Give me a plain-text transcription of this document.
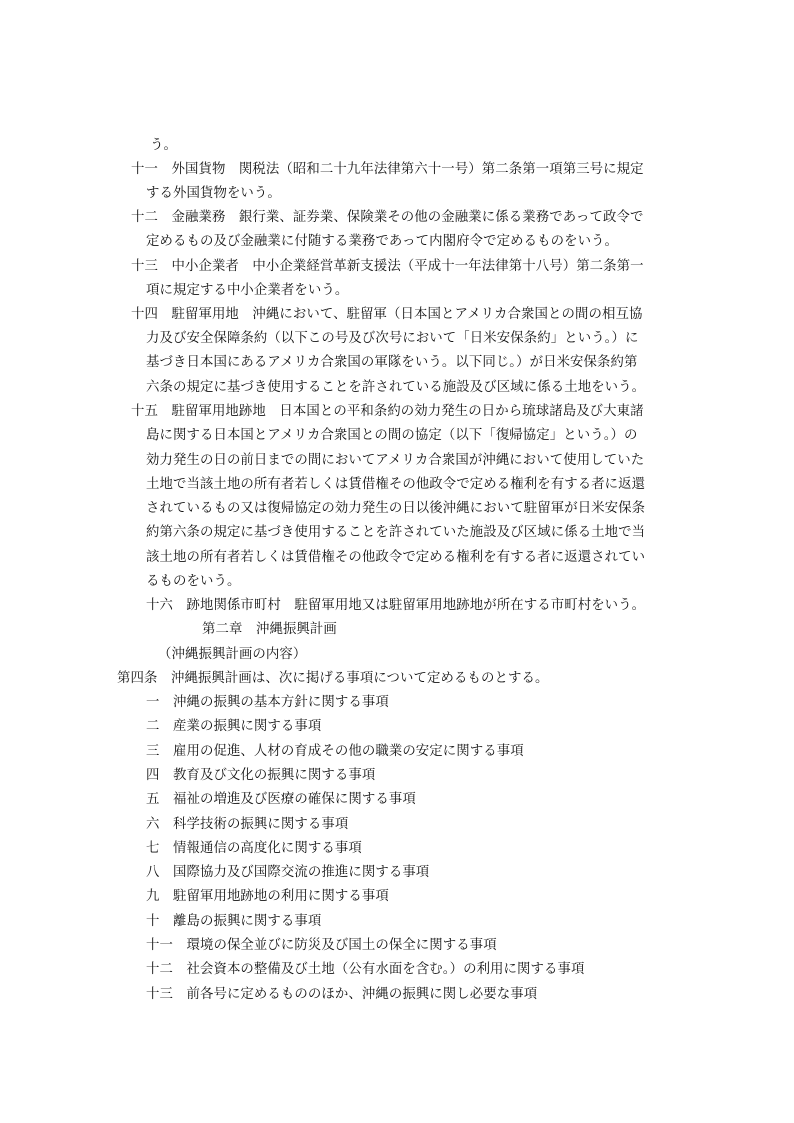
う。
十一　外国貨物　関税法（昭和二十九年法律第六十一号）第二条第一項第三号に規定
する外国貨物をいう。
十二　金融業務　銀行業、証券業、保険業その他の金融業に係る業務であって政令で
定めるもの及び金融業に付随する業務であって内閣府令で定めるものをいう。
十三　中小企業者　中小企業経営革新支援法（平成十一年法律第十八号）第二条第一
項に規定する中小企業者をいう。
十四　駐留軍用地　沖縄において、駐留軍（日本国とアメリカ合衆国との間の相互協
力及び安全保障条約（以下この号及び次号において「日米安保条約」という。）に
基づき日本国にあるアメリカ合衆国の軍隊をいう。以下同じ。）が日米安保条約第
六条の規定に基づき使用することを許されている施設及び区域に係る土地をいう。
十五　駐留軍用地跡地　日本国との平和条約の効力発生の日から琉球諸島及び大東諸
島に関する日本国とアメリカ合衆国との間の協定（以下「復帰協定」という。）の
効力発生の日の前日までの間においてアメリカ合衆国が沖縄において使用していた
土地で当該土地の所有者若しくは賃借権その他政令で定める権利を有する者に返還
されているもの又は復帰協定の効力発生の日以後沖縄において駐留軍が日米安保条
約第六条の規定に基づき使用することを許されていた施設及び区域に係る土地で当
該土地の所有者若しくは賃借権その他政令で定める権利を有する者に返還されてい
るものをいう。
十六　跡地関係市町村　駐留軍用地又は駐留軍用地跡地が所在する市町村をいう。
第二章　沖縄振興計画
（沖縄振興計画の内容）
第四条　沖縄振興計画は、次に掲げる事項について定めるものとする。
一　沖縄の振興の基本方針に関する事項
二　産業の振興に関する事項
三　雇用の促進、人材の育成その他の職業の安定に関する事項
四　教育及び文化の振興に関する事項
五　福祉の増進及び医療の確保に関する事項
六　科学技術の振興に関する事項
七　情報通信の高度化に関する事項
八　国際協力及び国際交流の推進に関する事項
九　駐留軍用地跡地の利用に関する事項
十　離島の振興に関する事項
十一　環境の保全並びに防災及び国土の保全に関する事項
十二　社会資本の整備及び土地（公有水面を含む。）の利用に関する事項
十三　前各号に定めるもののほか、沖縄の振興に関し必要な事項
